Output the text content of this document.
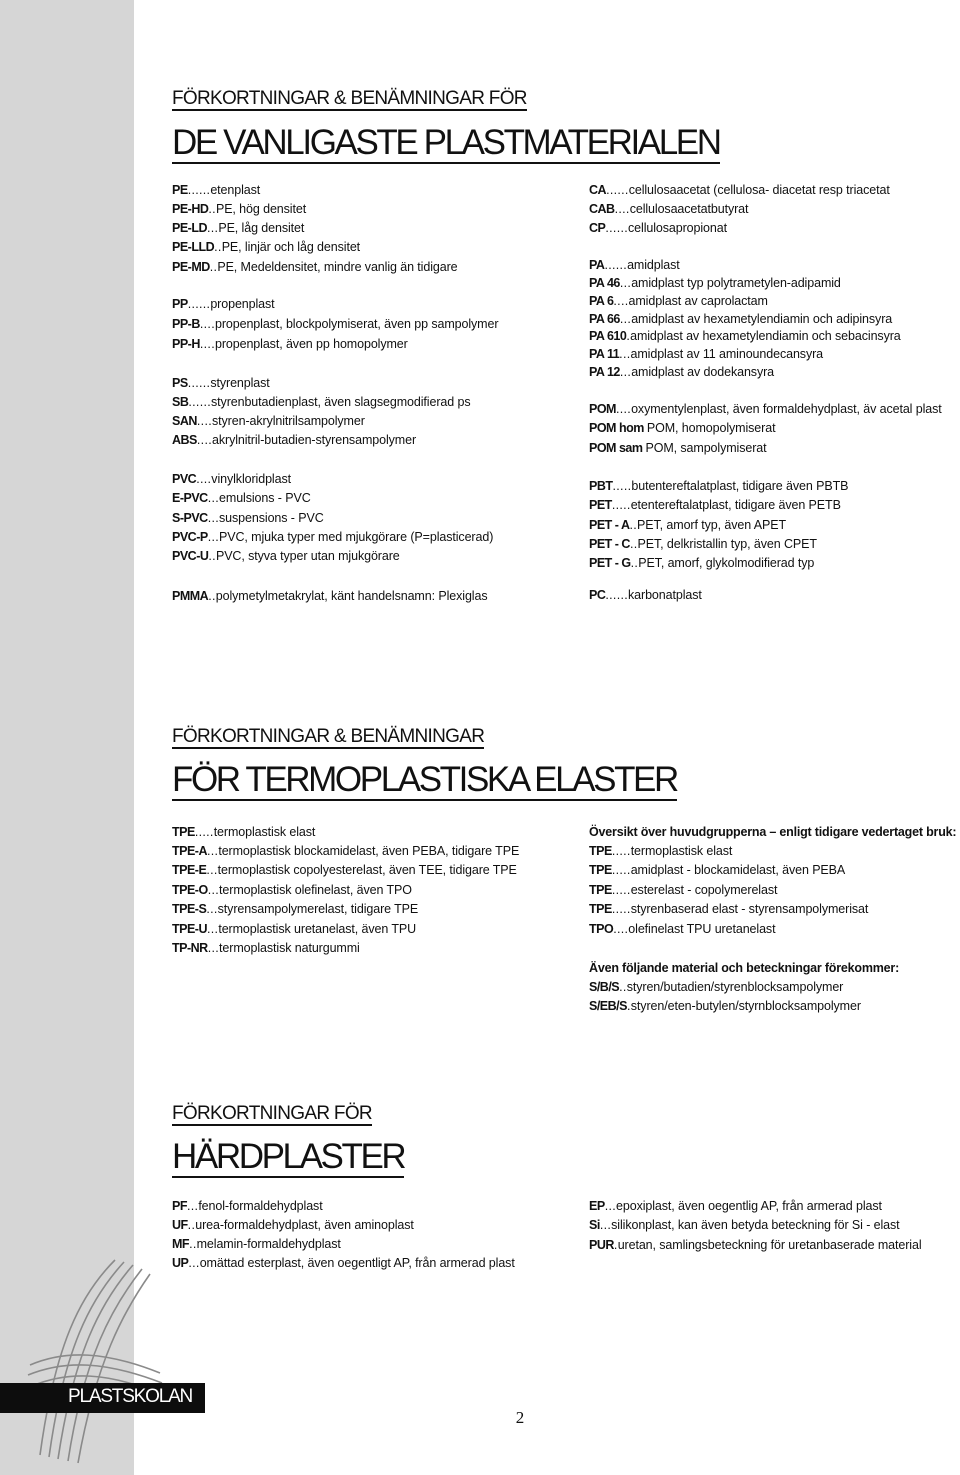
PLASTSKOLAN
2
FÖRKORTNINGAR & BENÄMNINGAR FÖR
DE VANLIGASTE PLASTMATERIALEN
PE......etenplast
PE-HD..PE, hög densitet
PE-LD...PE, låg densitet
PE-LLD..PE, linjär och låg densitet
PE-MD..PE, Medeldensitet, mindre vanlig än tidigare
PP......propenplast
PP-B....propenplast, blockpolymiserat, även pp sampolymer
PP-H....propenplast, även pp homopolymer
PS......styrenplast
SB......styrenbutadienplast, även slagsegmodifierad ps
SAN....styren-akrylnitrilsampolymer
ABS....akrylnitril-butadien-styrensampolymer
PVC....vinylkloridplast
E-PVC...emulsions - PVC
S-PVC...suspensions - PVC
PVC-P...PVC, mjuka typer med mjukgörare (P=plasticerad)
PVC-U..PVC, styva typer utan mjukgörare
PMMA..polymetylmetakrylat, känt handelsnamn: Plexiglas
CA......cellulosaacetat (cellulosa- diacetat resp triacetat
CAB....cellulosaacetatbutyrat
CP......cellulosapropionat
PA......amidplast
PA 46...amidplast typ polytrametylen-adipamid
PA 6....amidplast av caprolactam
PA 66...amidplast av hexametylendiamin och adipinsyra
PA 610.amidplast av hexametylendiamin och sebacinsyra
PA 11...amidplast av 11 aminoundecansyra
PA 12...amidplast av dodekansyra
POM....oxymentylenplast, även formaldehydplast, äv acetal plast
POM hom POM, homopolymiserat
POM sam POM, sampolymiserat
PBT.....butentereftalatplast, tidigare även PBTB
PET.....etentereftalatplast, tidigare även PETB
PET - A..PET, amorf typ, även APET
PET - C..PET, delkristallin typ, även CPET
PET - G..PET, amorf, glykolmodifierad typ
PC......karbonatplast
FÖRKORTNINGAR & BENÄMNINGAR
FÖR TERMOPLASTISKA ELASTER
TPE.....termoplastisk elast
TPE-A...termoplastisk blockamidelast, även PEBA, tidigare TPE
TPE-E...termoplastisk copolyesterelast, även TEE, tidigare TPE
TPE-O...termoplastisk olefinelast, även TPO
TPE-S...styrensampolymerelast, tidigare TPE
TPE-U...termoplastisk uretanelast, även TPU
TP-NR...termoplastisk naturgummi
Översikt över huvudgrupperna – enligt tidigare vedertaget bruk:
Även följande material och beteckningar förekommer:
TPE.....termoplastisk elast
TPE.....amidplast - blockamidelast, även PEBA
TPE.....esterelast - copolymerelast
TPE.....styrenbaserad elast - styrensampolymerisat
TPO....olefinelast TPU uretanelast
S/B/S..styren/butadien/styrenblocksampolymer
S/EB/S.styren/eten-butylen/styrnblocksampolymer
FÖRKORTNINGAR FÖR
HÄRDPLASTER
PF...fenol-formaldehydplast
UF..urea-formaldehydplast, även aminoplast
MF..melamin-formaldehydplast
UP...omättad esterplast, även oegentligt AP, från armerad plast
EP...epoxiplast, även oegentlig AP, från armerad plast
Si...silikonplast, kan även betyda beteckning för Si - elast
PUR.uretan, samlingsbeteckning för uretanbaserade material
